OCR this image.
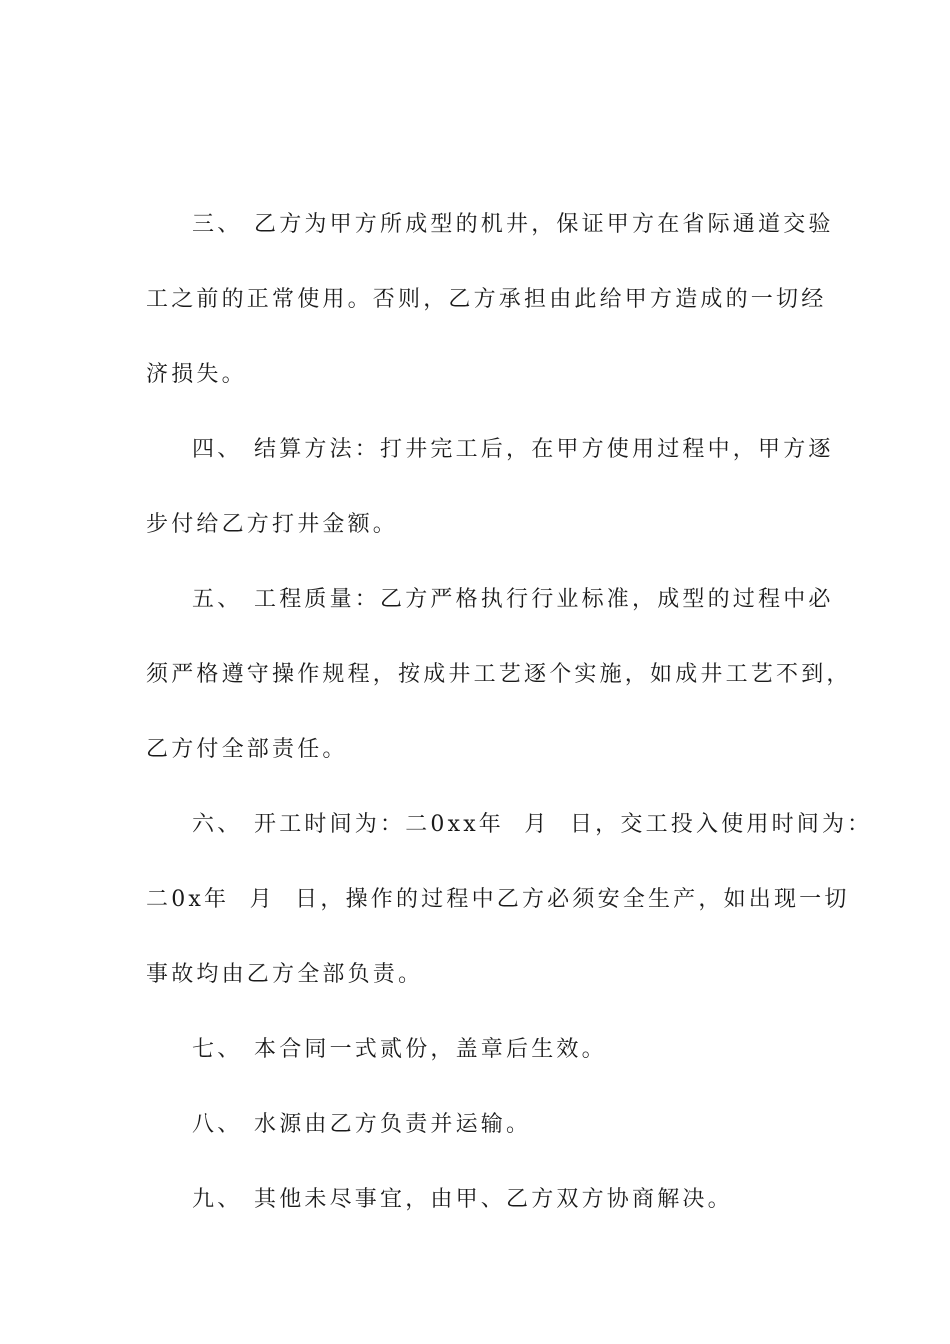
三、 乙方为甲方所成型的机井，保证甲方在省际通道交验
工之前的正常使用。否则，乙方承担由此给甲方造成的一切经
济损失。
四、 结算方法：打井完工后，在甲方使用过程中，甲方逐
步付给乙方打井金额。
五、 工程质量：乙方严格执行行业标准，成型的过程中必
须严格遵守操作规程，按成井工艺逐个实施，如成井工艺不到，
乙方付全部责任。
六、 开工时间为：二0xx年  月  日，交工投入使用时间为：
二0x年  月  日，操作的过程中乙方必须安全生产，如出现一切
事故均由乙方全部负责。
七、 本合同一式贰份，盖章后生效。
八、 水源由乙方负责并运输。
九、 其他未尽事宜，由甲、乙方双方协商解决。
